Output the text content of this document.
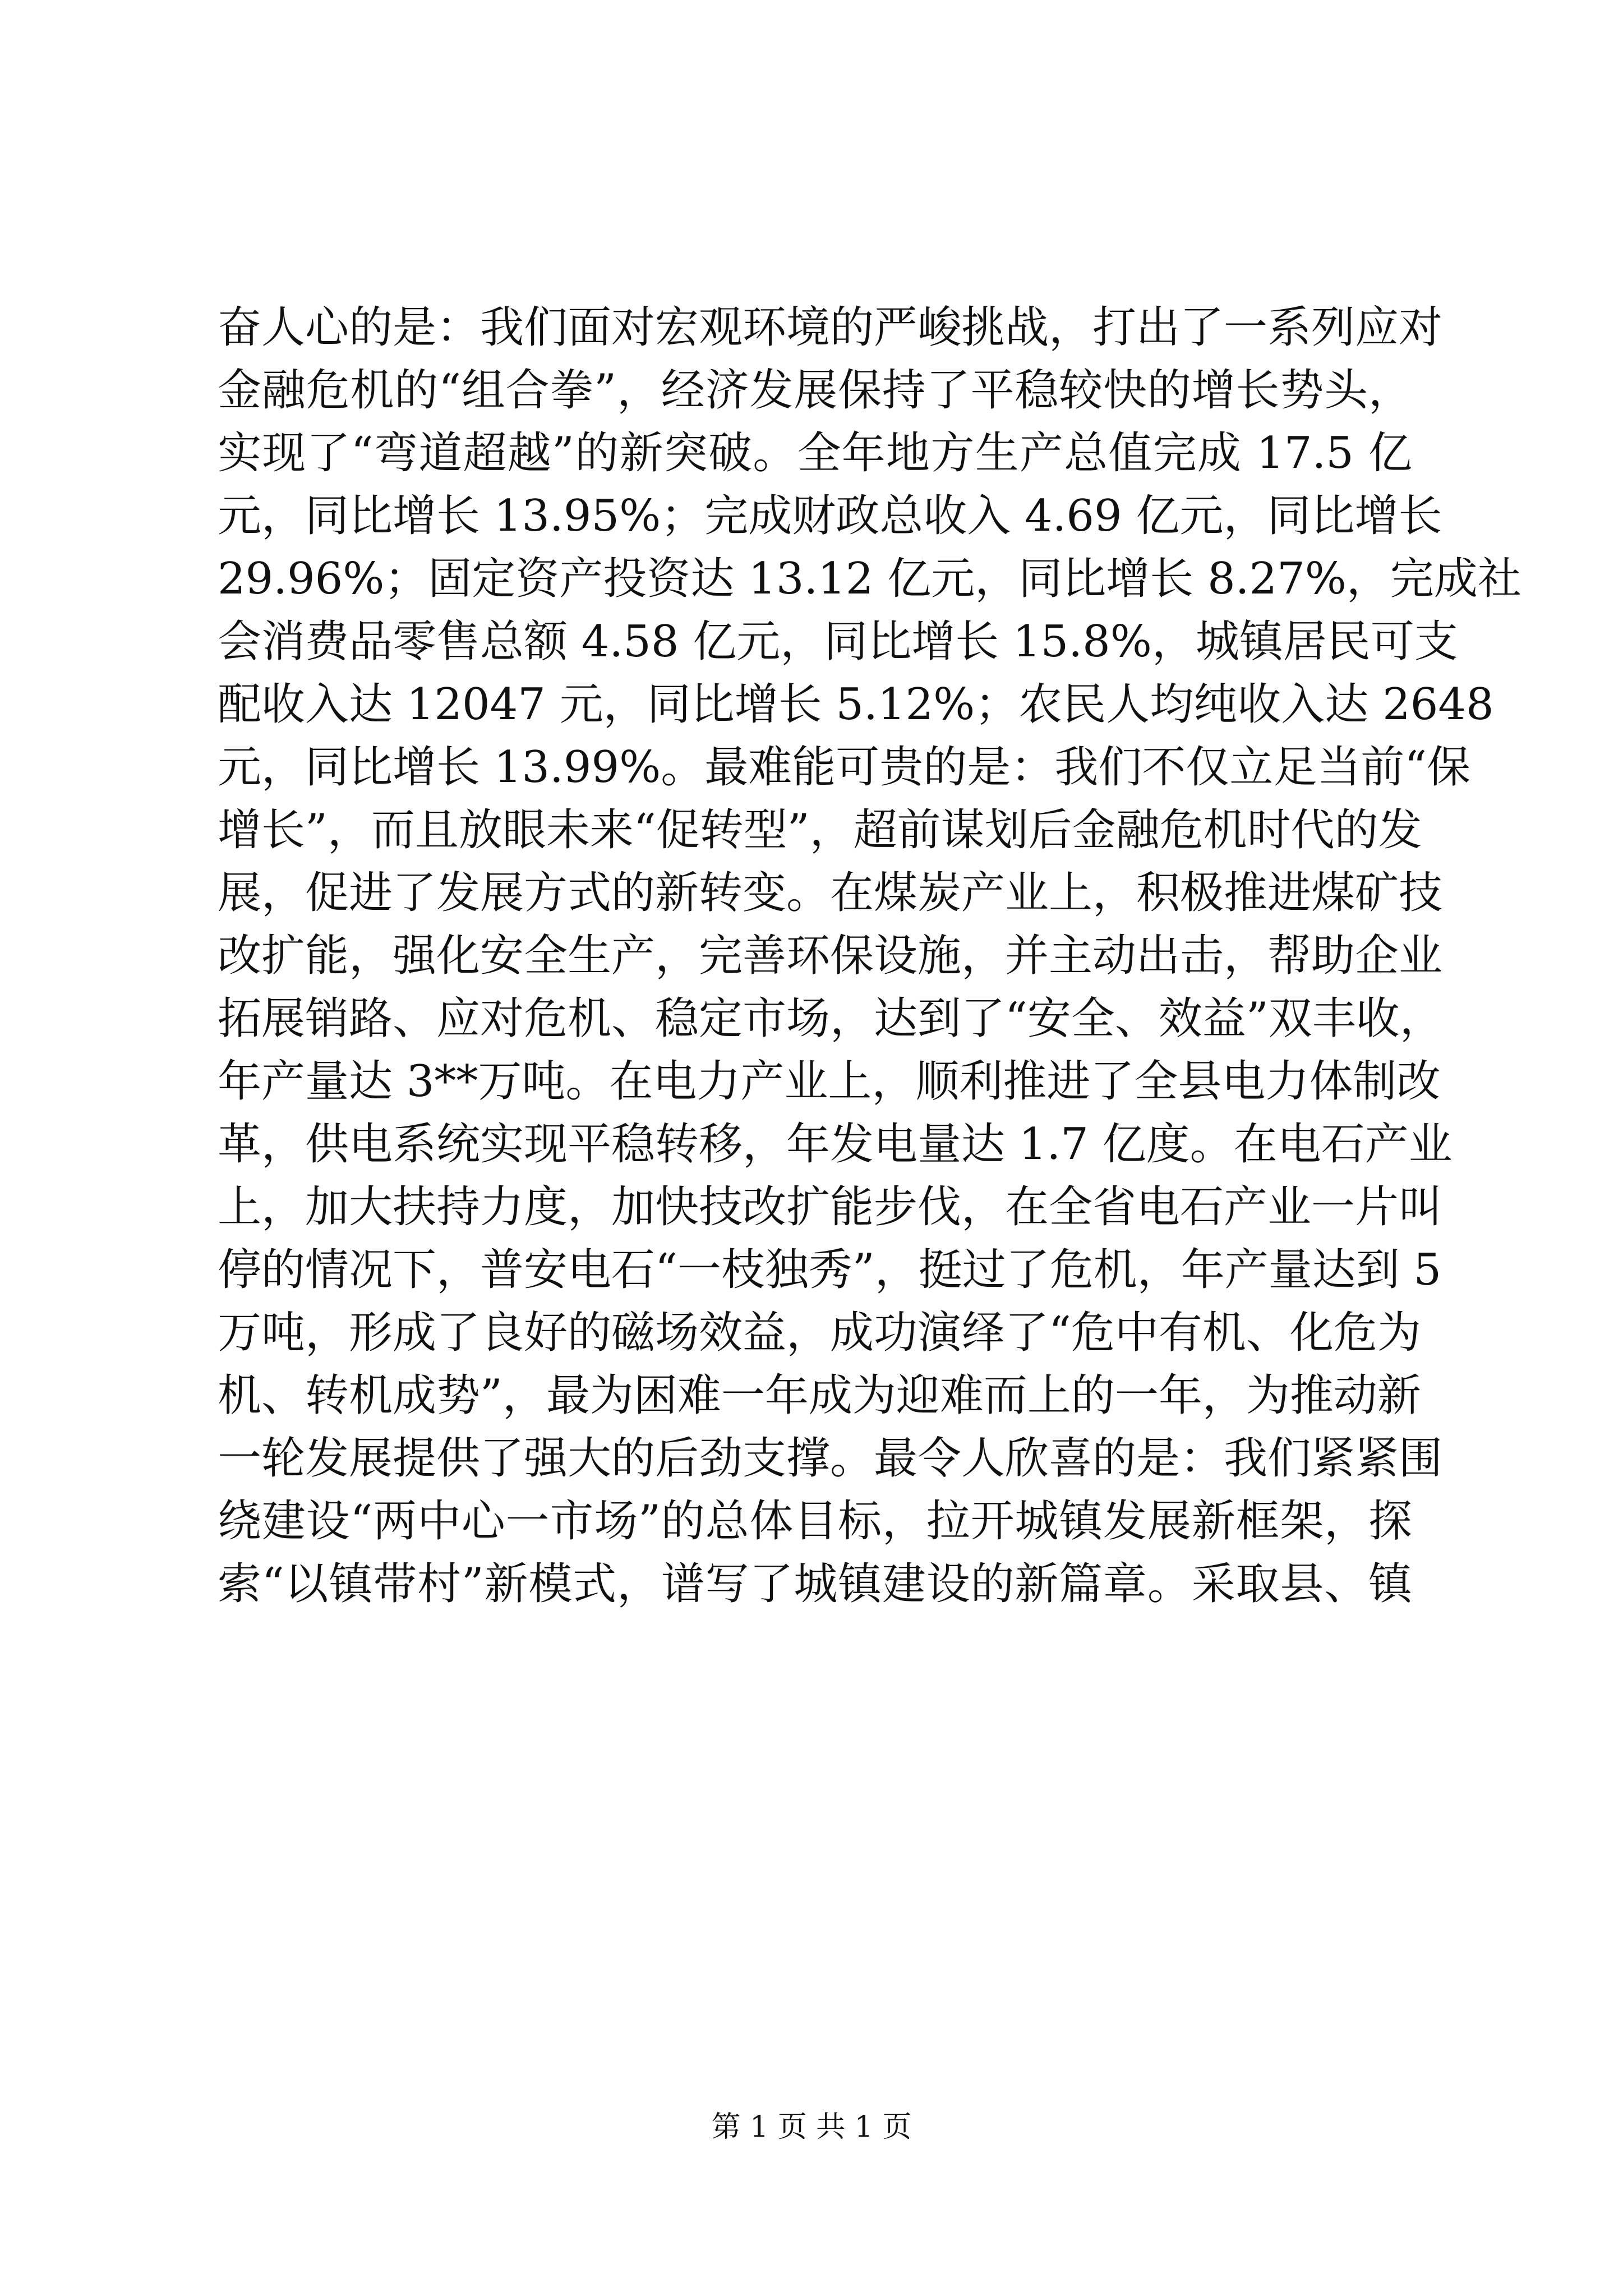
奋人心的是：我们面对宏观环境的严峻挑战，打出了一系列应对
金融危机的“组合拳”，经济发展保持了平稳较快的增长势头，
实现了“弯道超越”的新突破。全年地方生产总值完成 17.5 亿
元，同比增长 13.95%；完成财政总收入 4.69 亿元，同比增长
29.96%；固定资产投资达 13.12 亿元，同比增长 8.27%，完成社
会消费品零售总额 4.58 亿元，同比增长 15.8%，城镇居民可支
配收入达 12047 元，同比增长 5.12%；农民人均纯收入达 2648
元，同比增长 13.99%。最难能可贵的是：我们不仅立足当前“保
增长”，而且放眼未来“促转型”，超前谋划后金融危机时代的发
展，促进了发展方式的新转变。在煤炭产业上，积极推进煤矿技
改扩能，强化安全生产，完善环保设施，并主动出击，帮助企业
拓展销路、应对危机、稳定市场，达到了“安全、效益”双丰收，
年产量达 3**万吨。在电力产业上，顺利推进了全县电力体制改
革，供电系统实现平稳转移，年发电量达 1.7 亿度。在电石产业
上，加大扶持力度，加快技改扩能步伐，在全省电石产业一片叫
停的情况下，普安电石“一枝独秀”，挺过了危机，年产量达到 5
万吨，形成了良好的磁场效益，成功演绎了“危中有机、化危为
机、转机成势”，最为困难一年成为迎难而上的一年，为推动新
一轮发展提供了强大的后劲支撑。最令人欣喜的是：我们紧紧围
绕建设“两中心一市场”的总体目标，拉开城镇发展新框架，探
索“以镇带村”新模式，谱写了城镇建设的新篇章。采取县、镇
第 1 页 共 1 页
